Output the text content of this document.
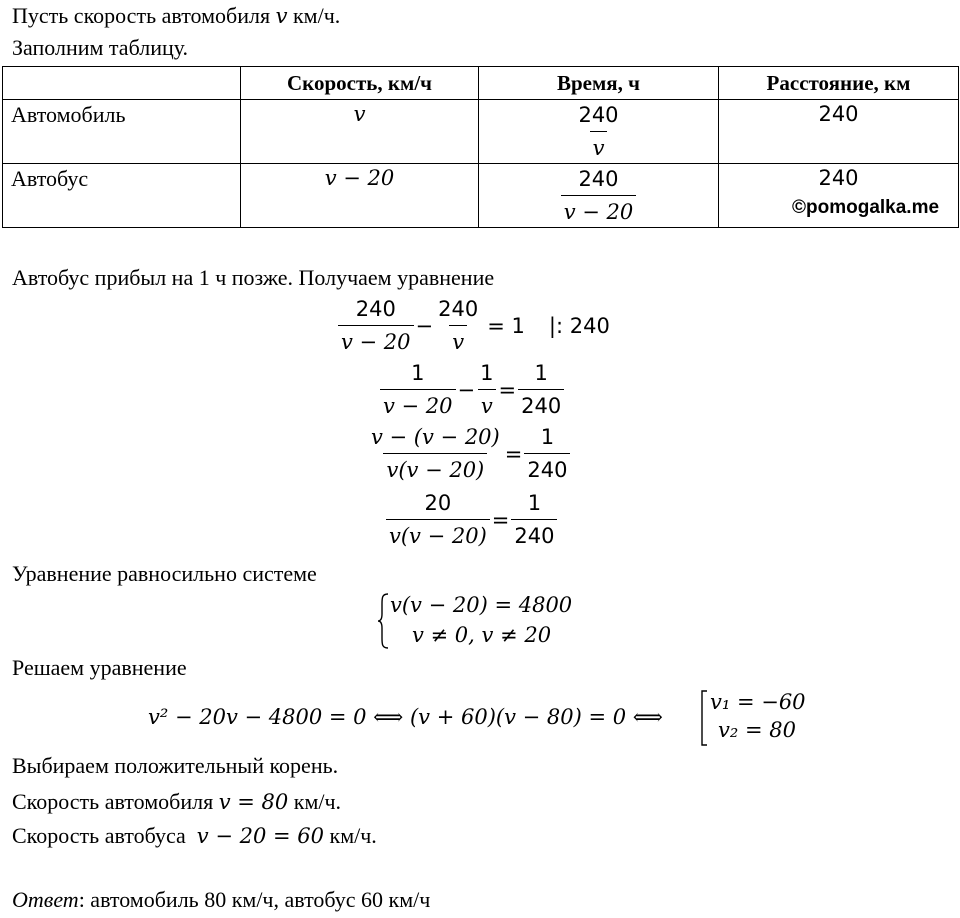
Пусть скорость автомобиля v км/ч.
Заполним таблицу.
	Скорость, км/ч	Время, ч	Расстояние, км
Автомобиль	v	$\frac{240}{v}$	240
Автобус	v − 20	$\frac{240}{v - 20}$	240
©pomogalka.me
Автобус прибыл на 1 ч позже. Получаем уравнение
$\frac{240}{v - 20} - \frac{240}{v} = 1$ |: 240
$\frac{1}{v - 20} - \frac{1}{v} = \frac{1}{240}$
$\frac{v - (v - 20)}{v(v - 20)} = \frac{1}{240}$
$\frac{20}{v(v - 20)} = \frac{1}{240}$
Уравнение равносильно системе
v(v − 20) = 4800
v ≠ 0, v ≠ 20
Решаем уравнение
v² − 20v − 4800 = 0 ⟺ (v + 60)(v − 80) = 0 ⟺
v₁ = −60
v₂ = 80
Выбираем положительный корень.
Скорость автомобиля v = 80 км/ч.
Скорость автобуса  v − 20 = 60 км/ч.
Ответ: автомобиль 80 км/ч, автобус 60 км/ч
